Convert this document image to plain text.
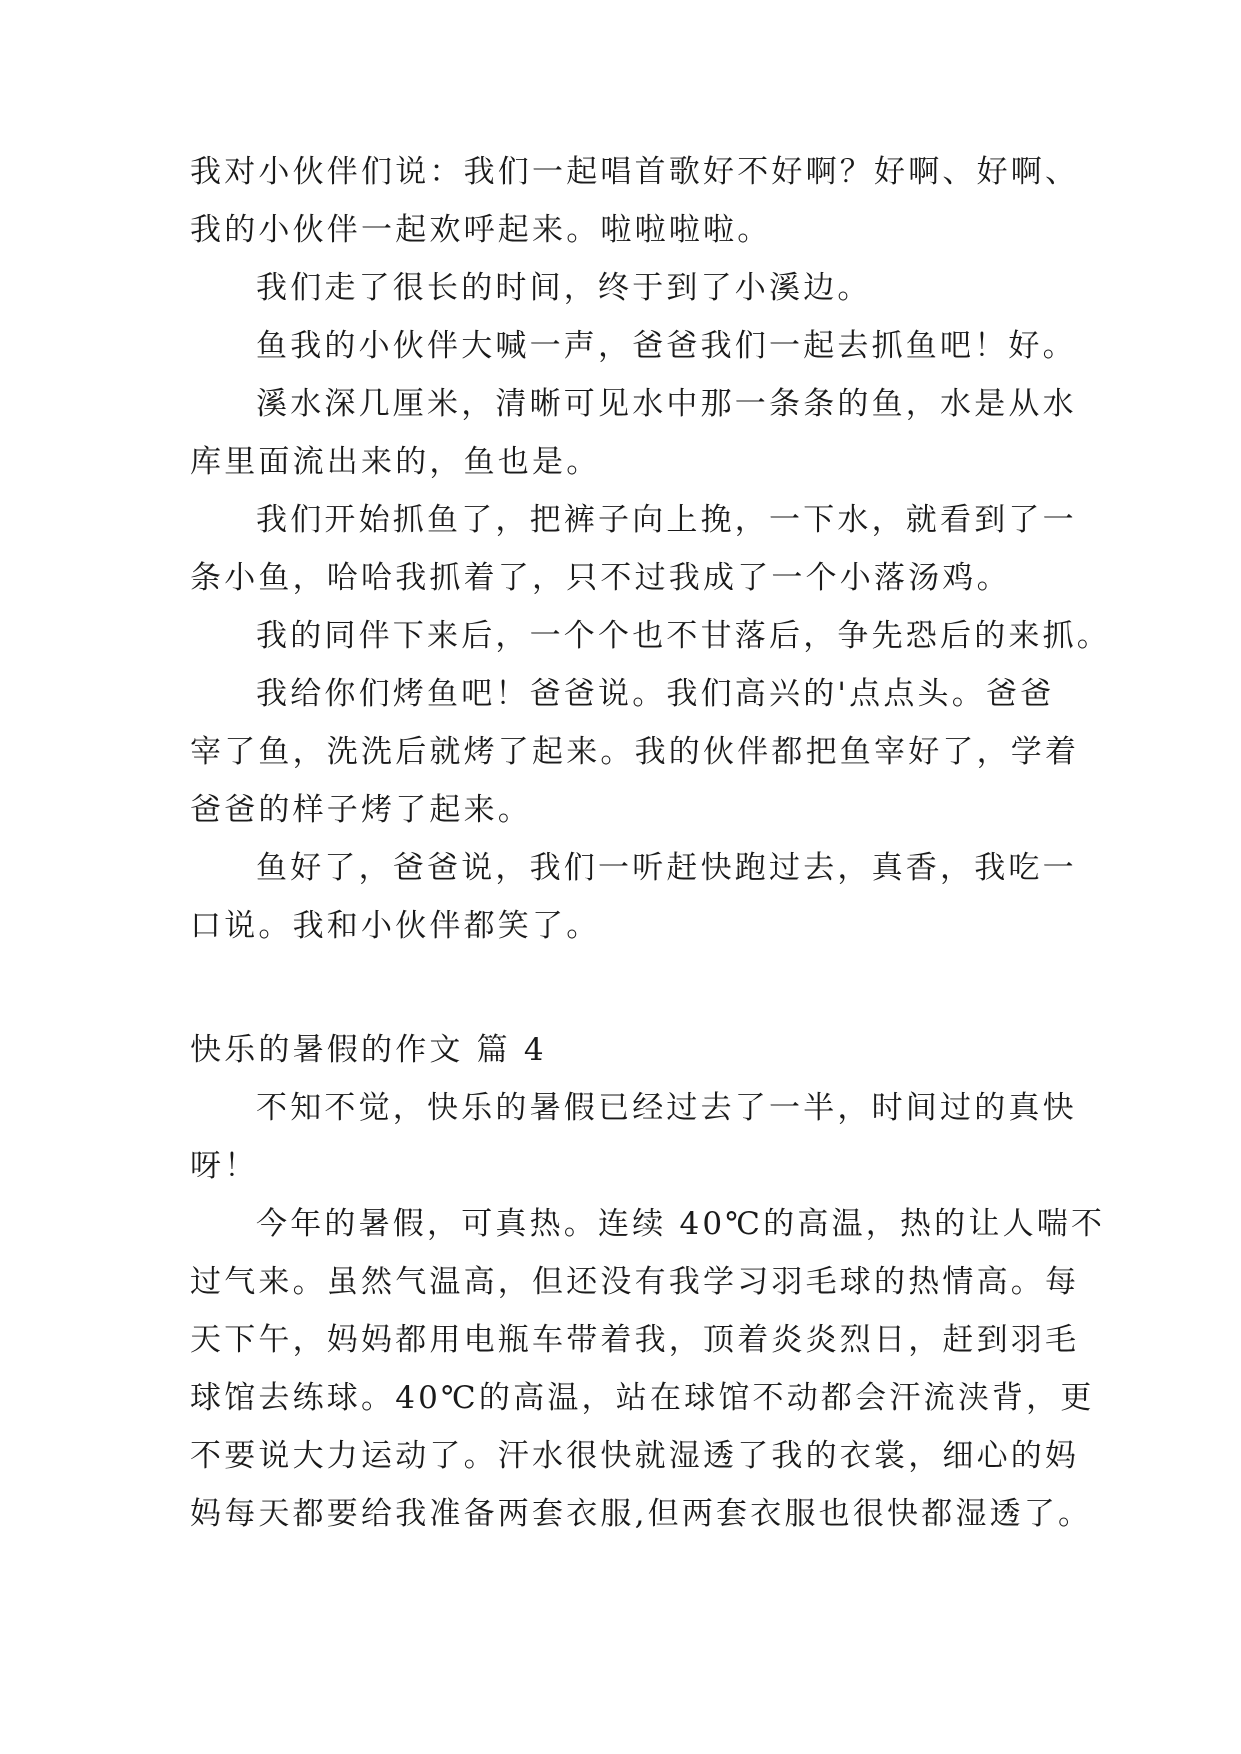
我对小伙伴们说：我们一起唱首歌好不好啊？好啊、好啊、
我的小伙伴一起欢呼起来。啦啦啦啦。
我们走了很长的时间，终于到了小溪边。
鱼我的小伙伴大喊一声，爸爸我们一起去抓鱼吧！好。
溪水深几厘米，清晰可见水中那一条条的鱼，水是从水
库里面流出来的，鱼也是。
我们开始抓鱼了，把裤子向上挽，一下水，就看到了一
条小鱼，哈哈我抓着了，只不过我成了一个小落汤鸡。
我的同伴下来后，一个个也不甘落后，争先恐后的来抓。
我给你们烤鱼吧！爸爸说。我们高兴的'点点头。爸爸
宰了鱼，洗洗后就烤了起来。我的伙伴都把鱼宰好了，学着
爸爸的样子烤了起来。
鱼好了，爸爸说，我们一听赶快跑过去，真香，我吃一
口说。我和小伙伴都笑了。
快乐的暑假的作文 篇 4
不知不觉，快乐的暑假已经过去了一半，时间过的真快
呀！
今年的暑假，可真热。连续 40℃的高温，热的让人喘不
过气来。虽然气温高，但还没有我学习羽毛球的热情高。每
天下午，妈妈都用电瓶车带着我，顶着炎炎烈日，赶到羽毛
球馆去练球。40℃的高温，站在球馆不动都会汗流浃背，更
不要说大力运动了。汗水很快就湿透了我的衣裳，细心的妈
妈每天都要给我准备两套衣服,但两套衣服也很快都湿透了。
